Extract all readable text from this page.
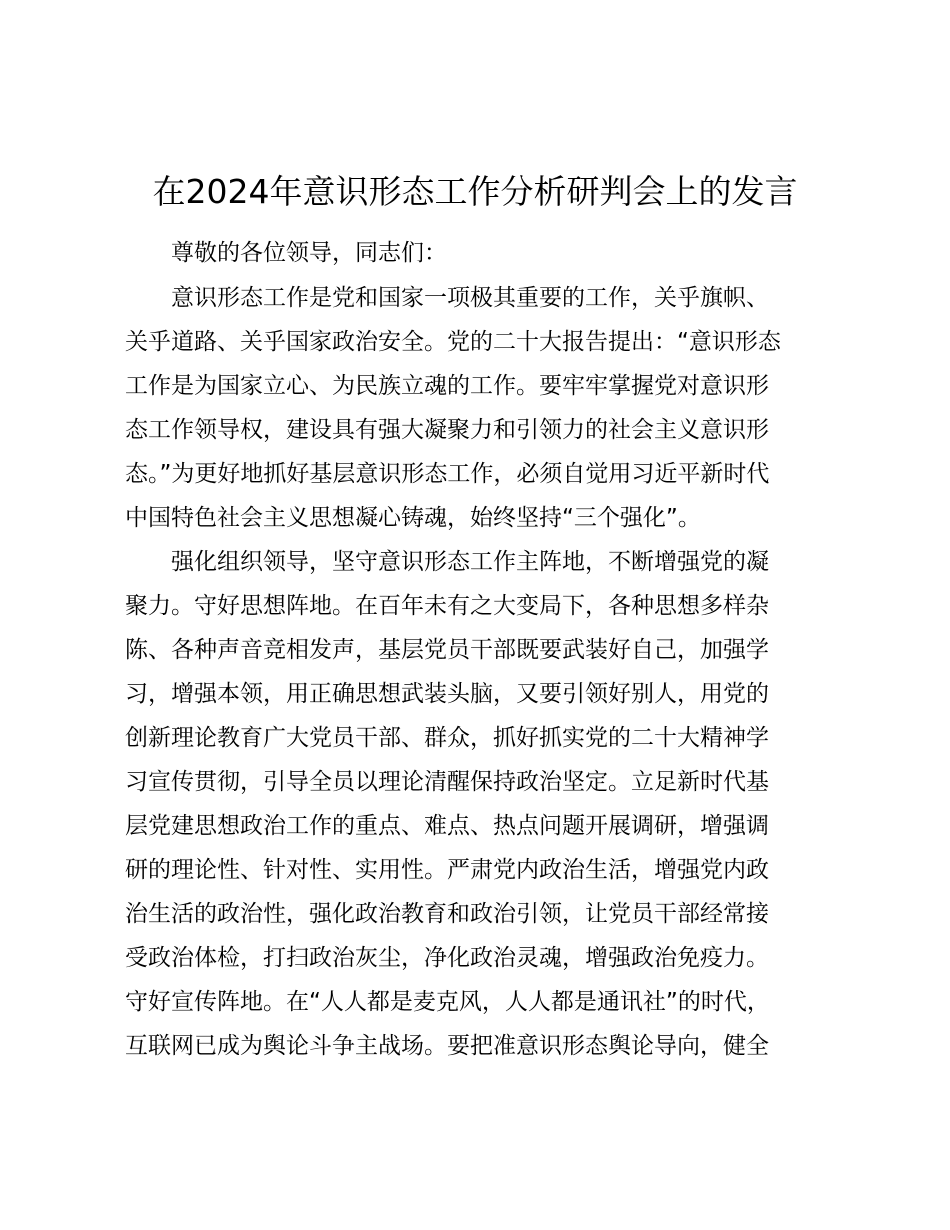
在2024年意识形态工作分析研判会上的发言
　　尊敬的各位领导，同志们：
　　意识形态工作是党和国家一项极其重要的工作，关乎旗帜、
关乎道路、关乎国家政治安全。党的二十大报告提出：“意识形态
工作是为国家立心、为民族立魂的工作。要牢牢掌握党对意识形
态工作领导权，建设具有强大凝聚力和引领力的社会主义意识形
态。”为更好地抓好基层意识形态工作，必须自觉用习近平新时代
中国特色社会主义思想凝心铸魂，始终坚持“三个强化”。
　　强化组织领导，坚守意识形态工作主阵地，不断增强党的凝
聚力。守好思想阵地。在百年未有之大变局下，各种思想多样杂
陈、各种声音竞相发声，基层党员干部既要武装好自己，加强学
习，增强本领，用正确思想武装头脑，又要引领好别人，用党的
创新理论教育广大党员干部、群众，抓好抓实党的二十大精神学
习宣传贯彻，引导全员以理论清醒保持政治坚定。立足新时代基
层党建思想政治工作的重点、难点、热点问题开展调研，增强调
研的理论性、针对性、实用性。严肃党内政治生活，增强党内政
治生活的政治性，强化政治教育和政治引领，让党员干部经常接
受政治体检，打扫政治灰尘，净化政治灵魂，增强政治免疫力。
守好宣传阵地。在“人人都是麦克风，人人都是通讯社”的时代，
互联网已成为舆论斗争主战场。要把准意识形态舆论导向，健全
